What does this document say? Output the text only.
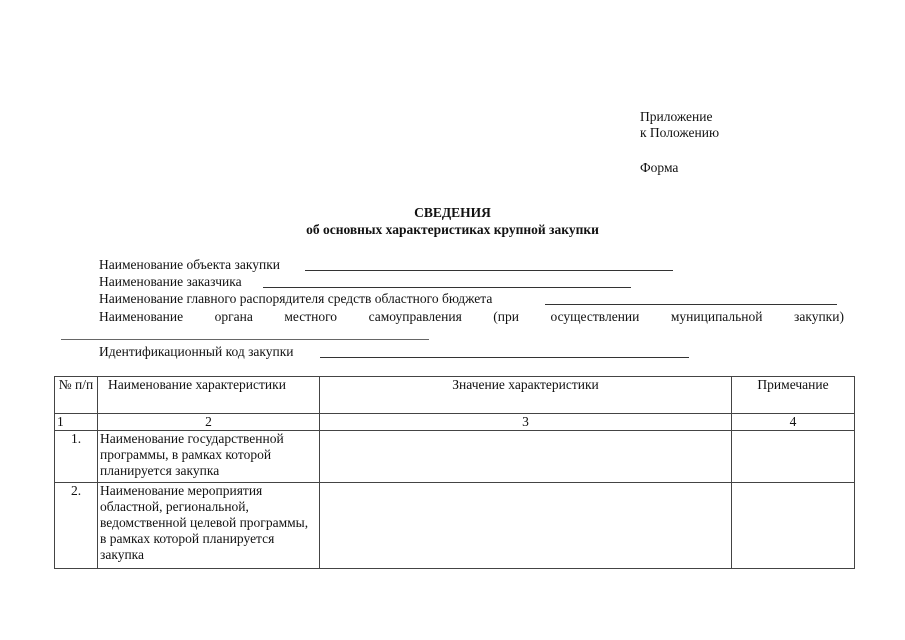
Приложение
к Положению
Форма
СВЕДЕНИЯ
об основных характеристиках крупной закупки
Наименование объекта закупки
Наименование заказчика
Наименование главного распорядителя средств областного бюджета
Наименование органа местного самоуправления (при осуществлении муниципальной закупки)
Идентификационный код закупки
№ п/п	Наименование характеристики	Значение характеристики	Примечание
1	2	3	4
1.	Наименование государственной программы, в рамках которой планируется закупка		
2.	Наименование мероприятия областной, региональной, ведомственной целевой программы, в рамках которой планируется закупка		
